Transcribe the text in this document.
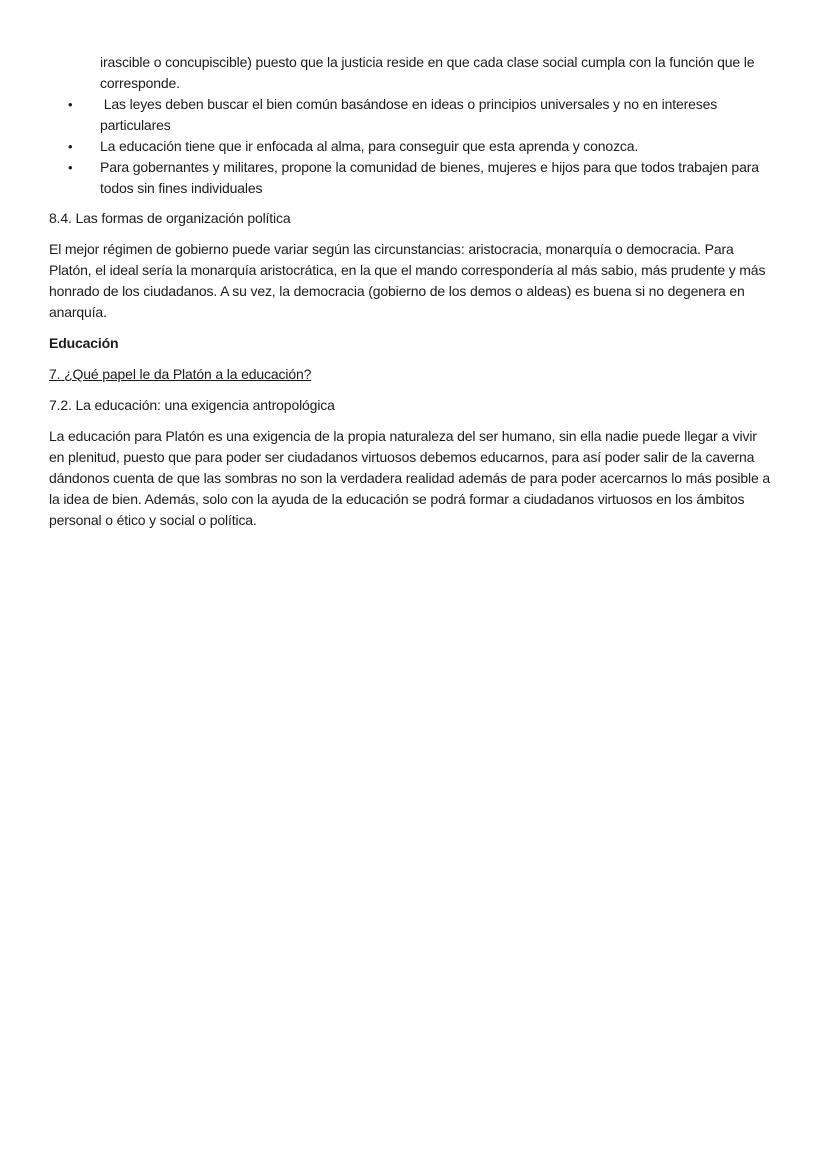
irascible o concupiscible) puesto que la justicia reside en que cada clase social cumpla con la función que le corresponde.
• Las leyes deben buscar el bien común basándose en ideas o principios universales y no en intereses particulares
• La educación tiene que ir enfocada al alma, para conseguir que esta aprenda y conozca.
• Para gobernantes y militares, propone la comunidad de bienes, mujeres e hijos para que todos trabajen para todos sin fines individuales
8.4. Las formas de organización política
El mejor régimen de gobierno puede variar según las circunstancias: aristocracia, monarquía o democracia. Para Platón, el ideal sería la monarquía aristocrática, en la que el mando correspondería al más sabio, más prudente y más honrado de los ciudadanos. A su vez, la democracia (gobierno de los demos o aldeas) es buena si no degenera en anarquía.
Educación
7. ¿Qué papel le da Platón a la educación?
7.2. La educación: una exigencia antropológica
La educación para Platón es una exigencia de la propia naturaleza del ser humano, sin ella nadie puede llegar a vivir en plenitud, puesto que para poder ser ciudadanos virtuosos debemos educarnos, para así poder salir de la caverna dándonos cuenta de que las sombras no son la verdadera realidad además de para poder acercarnos lo más posible a la idea de bien. Además, solo con la ayuda de la educación se podrá formar a ciudadanos virtuosos en los ámbitos personal o ético y social o política.
